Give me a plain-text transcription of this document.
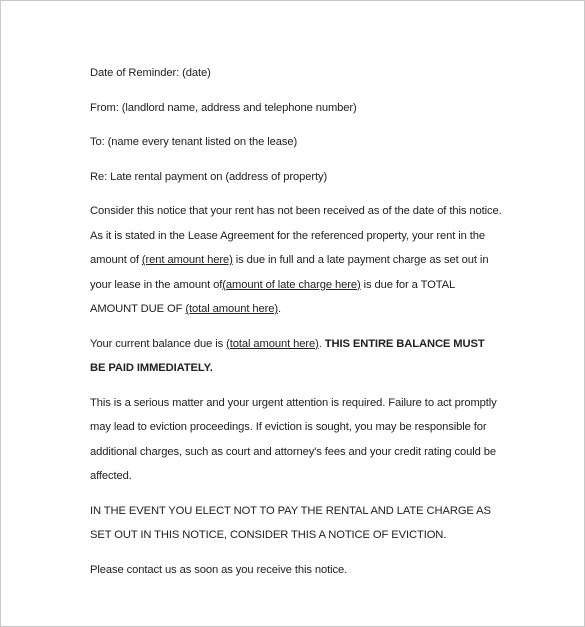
Date of Reminder: (date)
From: (landlord name, address and telephone number)
To: (name every tenant listed on the lease)
Re: Late rental payment on (address of property)
Consider this notice that your rent has not been received as of the date of this notice.
As it is stated in the Lease Agreement for the referenced property, your rent in the
amount of (rent amount here) is due in full and a late payment charge as set out in
your lease in the amount of(amount of late charge here) is due for a TOTAL
AMOUNT DUE OF (total amount here).
Your current balance due is (total amount here). THIS ENTIRE BALANCE MUST
BE PAID IMMEDIATELY.
This is a serious matter and your urgent attention is required. Failure to act promptly
may lead to eviction proceedings. If eviction is sought, you may be responsible for
additional charges, such as court and attorney's fees and your credit rating could be
affected.
IN THE EVENT YOU ELECT NOT TO PAY THE RENTAL AND LATE CHARGE AS
SET OUT IN THIS NOTICE, CONSIDER THIS A NOTICE OF EVICTION.
Please contact us as soon as you receive this notice.
